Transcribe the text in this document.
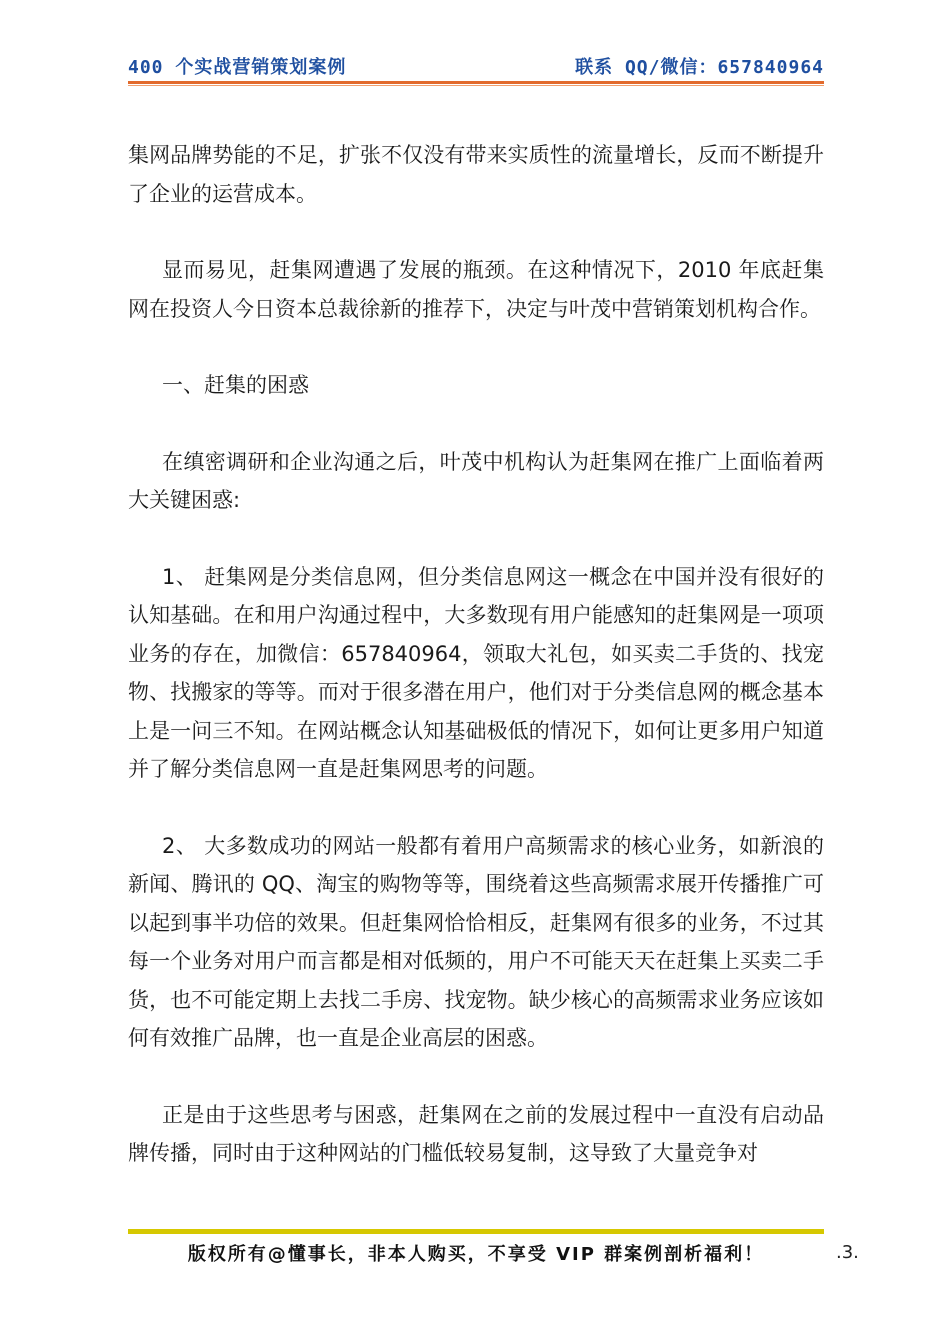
400 个实战营销策划案例	联系 QQ/微信：657840964

集网品牌势能的不足，扩张不仅没有带来实质性的流量增长，反而不断提升了企业的运营成本。

显而易见，赶集网遭遇了发展的瓶颈。在这种情况下，2010 年底赶集网在投资人今日资本总裁徐新的推荐下，决定与叶茂中营销策划机构合作。

一、赶集的困惑

在缜密调研和企业沟通之后，叶茂中机构认为赶集网在推广上面临着两大关键困惑:

1、 赶集网是分类信息网，但分类信息网这一概念在中国并没有很好的认知基础。在和用户沟通过程中，大多数现有用户能感知的赶集网是一项项业务的存在，加微信：657840964，领取大礼包，如买卖二手货的、找宠物、找搬家的等等。而对于很多潜在用户，他们对于分类信息网的概念基本上是一问三不知。在网站概念认知基础极低的情况下，如何让更多用户知道并了解分类信息网一直是赶集网思考的问题。

2、 大多数成功的网站一般都有着用户高频需求的核心业务，如新浪的新闻、腾讯的 QQ、淘宝的购物等等，围绕着这些高频需求展开传播推广可以起到事半功倍的效果。但赶集网恰恰相反，赶集网有很多的业务，不过其每一个业务对用户而言都是相对低频的，用户不可能天天在赶集上买卖二手货，也不可能定期上去找二手房、找宠物。缺少核心的高频需求业务应该如何有效推广品牌，也一直是企业高层的困惑。

正是由于这些思考与困惑，赶集网在之前的发展过程中一直没有启动品牌传播，同时由于这种网站的门槛低较易复制，这导致了大量竞争对

版权所有@懂事长，非本人购买，不享受 VIP 群案例剖析福利！	.3.
